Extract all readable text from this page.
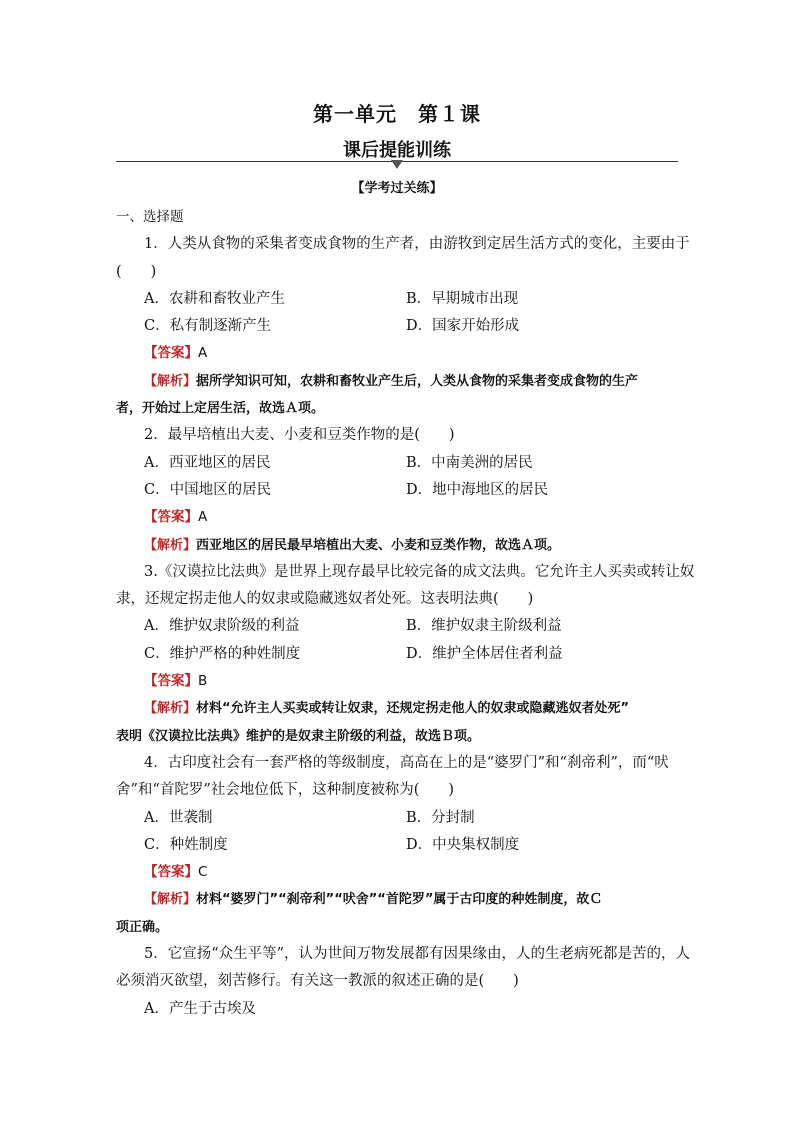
第一单元　第１课
课后提能训练
【学考过关练】
一、选择题
1．人类从食物的采集者变成食物的生产者，由游牧到定居生活方式的变化，主要由于
(　　)
A．农耕和畜牧业产生	B．早期城市出现
C．私有制逐渐产生	D．国家开始形成
【答案】A
【解析】据所学知识可知，农耕和畜牧业产生后，人类从食物的采集者变成食物的生产
者，开始过上定居生活，故选Ａ项。
2．最早培植出大麦、小麦和豆类作物的是(　　)
A．西亚地区的居民	B．中南美洲的居民
C．中国地区的居民	D．地中海地区的居民
【答案】A
【解析】西亚地区的居民最早培植出大麦、小麦和豆类作物，故选Ａ项。
3.《汉谟拉比法典》是世界上现存最早比较完备的成文法典。它允许主人买卖或转让奴
隶，还规定拐走他人的奴隶或隐藏逃奴者处死。这表明法典(　　)
A．维护奴隶阶级的利益	B．维护奴隶主阶级利益
C．维护严格的种姓制度	D．维护全体居住者利益
【答案】B
【解析】材料“允许主人买卖或转让奴隶，还规定拐走他人的奴隶或隐藏逃奴者处死”
表明《汉谟拉比法典》维护的是奴隶主阶级的利益，故选Ｂ项。
4．古印度社会有一套严格的等级制度，高高在上的是“婆罗门”和“刹帝利”，而“吠
舍”和“首陀罗”社会地位低下，这种制度被称为(　　)
A．世袭制	B．分封制
C．种姓制度	D．中央集权制度
【答案】C
【解析】材料“婆罗门”“刹帝利”“吠舍”“首陀罗”属于古印度的种姓制度，故Ｃ
项正确。
5．它宣扬“众生平等”，认为世间万物发展都有因果缘由，人的生老病死都是苦的，人
必须消灭欲望，刻苦修行。有关这一教派的叙述正确的是(　　)
A．产生于古埃及
